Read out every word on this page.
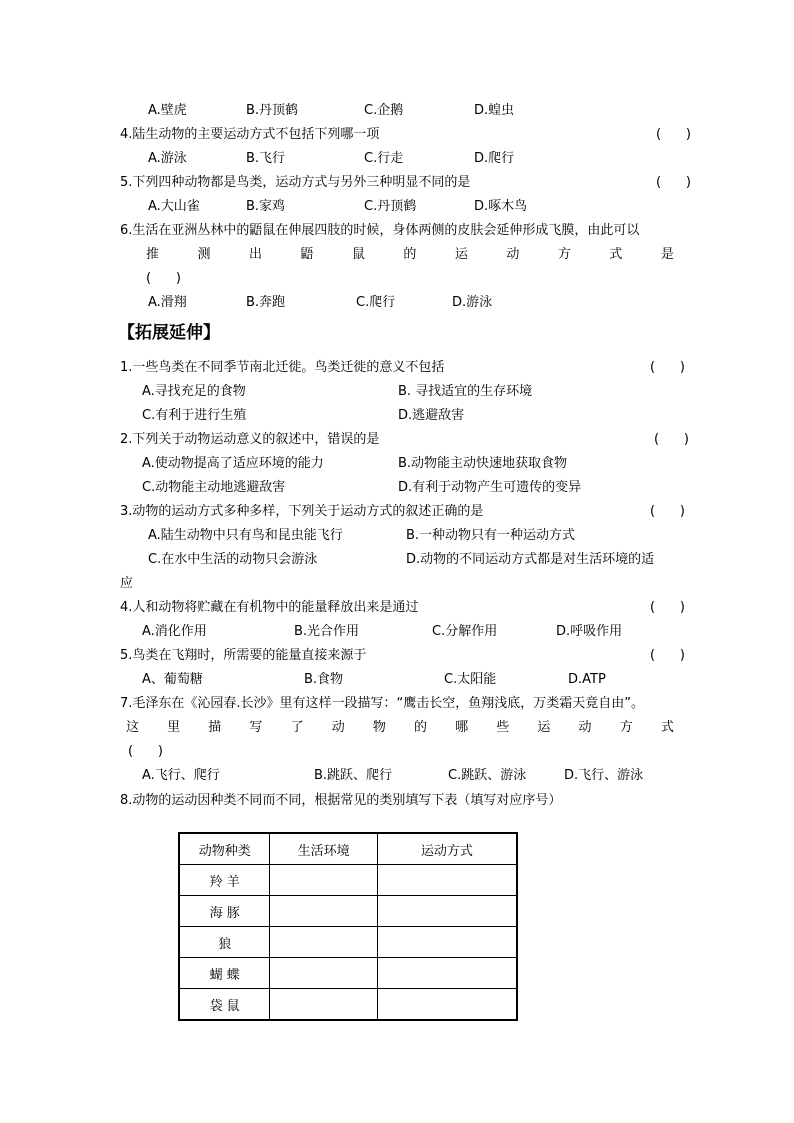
A.壁虎	B.丹顶鹤	C.企鹅	D.蝗虫
4.陆生动物的主要运动方式不包括下列哪一项	(      )
A.游泳	B.飞行	C.行走	D.爬行
5.下列四种动物都是鸟类，运动方式与另外三种明显不同的是	(      )
A.大山雀	B.家鸡	C.丹顶鹤	D.啄木鸟
6.生活在亚洲丛林中的鼯鼠在伸展四肢的时候，身体两侧的皮肤会延伸形成飞膜，由此可以
推	测	出	鼯	鼠	的	运	动	方	式	是
(      )
A.滑翔	B.奔跑	C.爬行	D.游泳
【拓展延伸】
1.一些鸟类在不同季节南北迁徙。鸟类迁徙的意义不包括	(      )
A.寻找充足的食物	B. 寻找适宜的生存环境
C.有利于进行生殖	D.逃避敌害
2.下列关于动物运动意义的叙述中，错误的是	(      )
A.使动物提高了适应环境的能力	B.动物能主动快速地获取食物
C.动物能主动地逃避敌害	D.有利于动物产生可遗传的变异
3.动物的运动方式多种多样，下列关于运动方式的叙述正确的是	(      )
A.陆生动物中只有鸟和昆虫能飞行	B.一种动物只有一种运动方式
C.在水中生活的动物只会游泳	D.动物的不同运动方式都是对生活环境的适
应
4.人和动物将贮藏在有机物中的能量释放出来是通过	(      )
A.消化作用	B.光合作用	C.分解作用	D.呼吸作用
5.鸟类在飞翔时，所需要的能量直接来源于	(      )
A、葡萄糖	B.食物	C.太阳能	D.ATP
7.毛泽东在《沁园春.长沙》里有这样一段描写：“鹰击长空，鱼翔浅底，万类霜天竟自由”。
这 里 描 写 了 动 物 的 哪 些 运 动 方 式
(      )
A.飞行、爬行	B.跳跃、爬行	C.跳跃、游泳	D.飞行、游泳
8.动物的运动因种类不同而不同，根据常见的类别填写下表（填写对应序号）
动物种类	生活环境	运动方式
羚 羊		
海 豚		
狼		
蝴 蝶		
袋 鼠		
